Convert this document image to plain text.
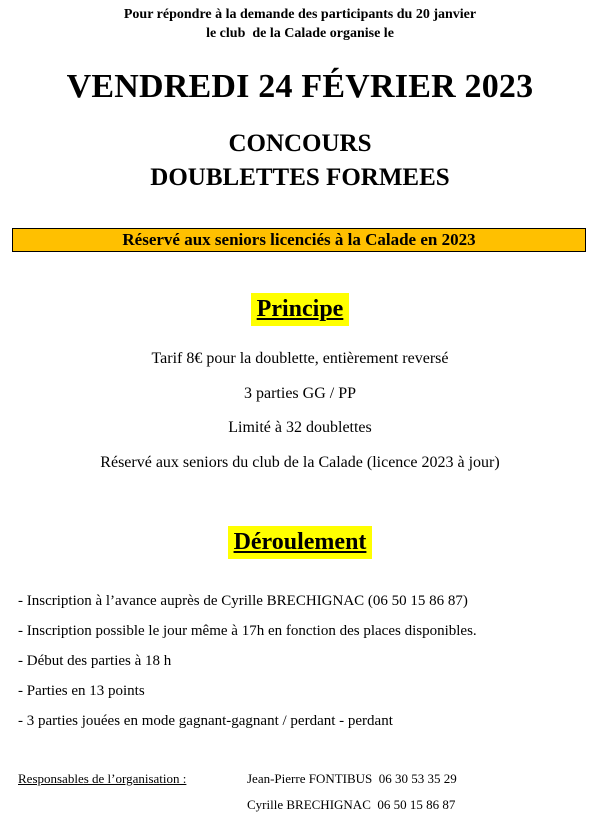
Pour répondre à la demande des participants du 20 janvier
le club  de la Calade organise le
VENDREDI 24 FÉVRIER 2023
CONCOURS
DOUBLETTES FORMEES
Réservé aux seniors licenciés à la Calade en 2023
Principe
Tarif 8€ pour la doublette, entièrement reversé
3 parties GG / PP
Limité à 32 doublettes
Réservé aux seniors du club de la Calade (licence 2023 à jour)
Déroulement
- Inscription à l’avance auprès de Cyrille BRECHIGNAC (06 50 15 86 87)
- Inscription possible le jour même à 17h en fonction des places disponibles.
- Début des parties à 18 h
- Parties en 13 points
- 3 parties jouées en mode gagnant-gagnant / perdant - perdant
Responsables de l’organisation :	Jean-Pierre FONTIBUS  06 30 53 35 29
Cyrille BRECHIGNAC  06 50 15 86 87
